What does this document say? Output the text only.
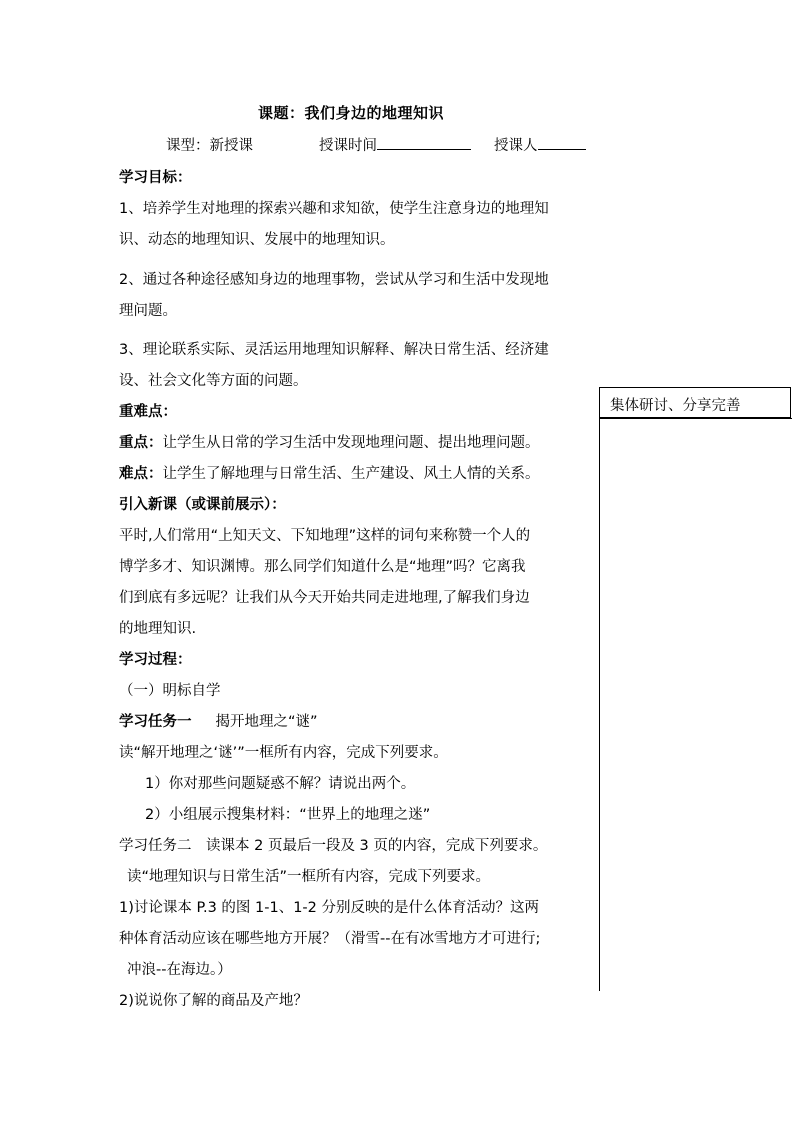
课题：我们身边的地理知识
课型：新授课	授课时间	授课人
学习目标：
1、培养学生对地理的探索兴趣和求知欲，使学生注意身边的地理知
识、动态的地理知识、发展中的地理知识。
2、通过各种途径感知身边的地理事物，尝试从学习和生活中发现地
理问题。
3、理论联系实际、灵活运用地理知识解释、解决日常生活、经济建
设、社会文化等方面的问题。
集体研讨、分享完善
重难点：
重点：让学生从日常的学习生活中发现地理问题、提出地理问题。
难点：让学生了解地理与日常生活、生产建设、风土人情的关系。
引入新课（或课前展示）：
平时,人们常用“上知天文、下知地理”这样的词句来称赞一个人的
博学多才、知识渊博。那么同学们知道什么是“地理”吗？它离我
们到底有多远呢？让我们从今天开始共同走进地理,了解我们身边
的地理知识.
学习过程：
（一）明标自学
学习任务一 揭开地理之“谜”
读“解开地理之‘谜’”一框所有内容，完成下列要求。
1）你对那些问题疑惑不解？请说出两个。
2）小组展示搜集材料：“世界上的地理之迷”
学习任务二　读课本 2 页最后一段及 3 页的内容，完成下列要求。
读“地理知识与日常生活”一框所有内容，完成下列要求。
1)讨论课本 P.3 的图 1-1、1-2 分别反映的是什么体育活动？这两
种体育活动应该在哪些地方开展？（滑雪--在有冰雪地方才可进行;
冲浪--在海边。）
2)说说你了解的商品及产地？
